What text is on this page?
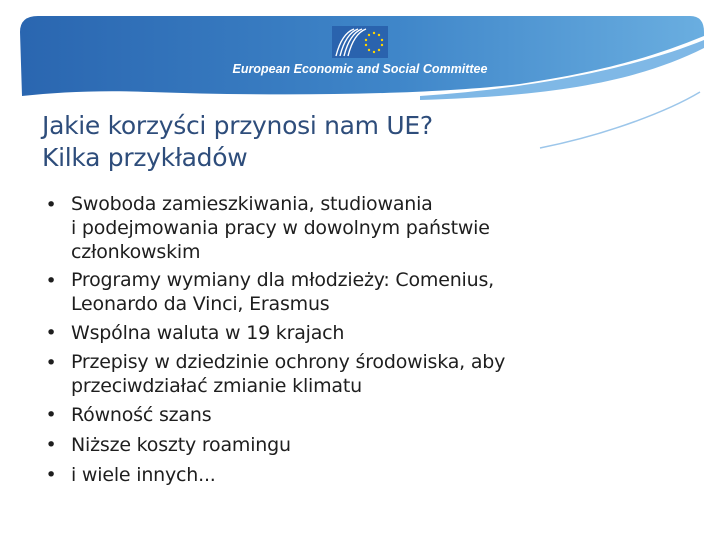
European Economic and Social Committee
Jakie korzyści przynosi nam UE?
Kilka przykładów
• Swoboda zamieszkiwania, studiowania
i podejmowania pracy w dowolnym państwie
członkowskim
• Programy wymiany dla młodzieży: Comenius,
Leonardo da Vinci, Erasmus
• Wspólna waluta w 19 krajach
• Przepisy w dziedzinie ochrony środowiska, aby
przeciwdziałać zmianie klimatu
• Równość szans
• Niższe koszty roamingu
• i wiele innych...
